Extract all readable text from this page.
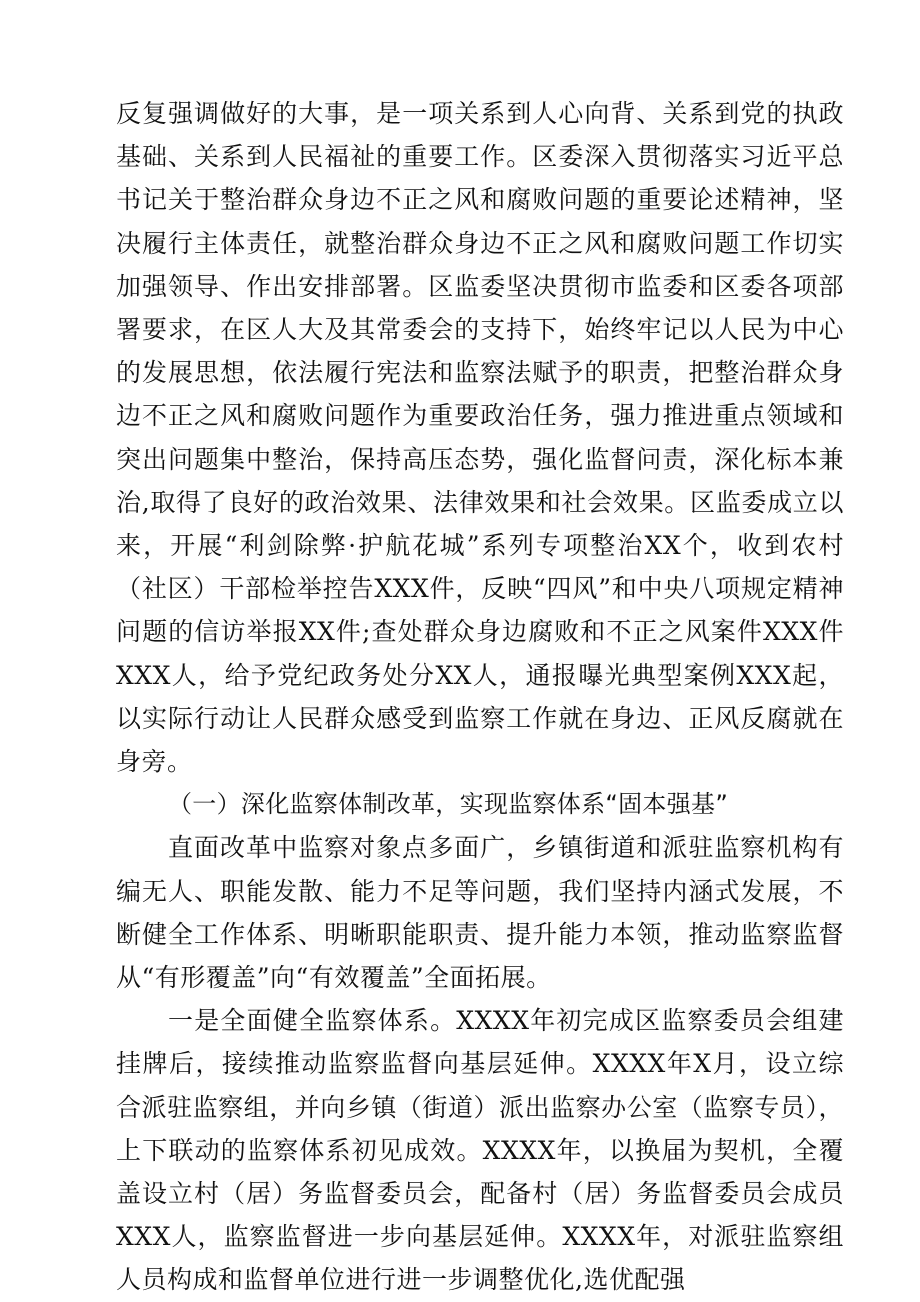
反复强调做好的大事，是一项关系到人心向背、关系到党的执政基础、关系到人民福祉的重要工作。区委深入贯彻落实习近平总书记关于整治群众身边不正之风和腐败问题的重要论述精神，坚决履行主体责任，就整治群众身边不正之风和腐败问题工作切实加强领导、作出安排部署。区监委坚决贯彻市监委和区委各项部署要求，在区人大及其常委会的支持下，始终牢记以人民为中心的发展思想，依法履行宪法和监察法赋予的职责，把整治群众身边不正之风和腐败问题作为重要政治任务，强力推进重点领域和突出问题集中整治，保持高压态势，强化监督问责，深化标本兼治,取得了良好的政治效果、法律效果和社会效果。区监委成立以来，开展“利剑除弊·护航花城”系列专项整治XX个，收到农村（社区）干部检举控告XXX件，反映“四风”和中央八项规定精神问题的信访举报XX件;查处群众身边腐败和不正之风案件XXX件XXX人，给予党纪政务处分XX人，通报曝光典型案例XXX起，以实际行动让人民群众感受到监察工作就在身边、正风反腐就在身旁。

（一）深化监察体制改革，实现监察体系“固本强基”

直面改革中监察对象点多面广，乡镇街道和派驻监察机构有编无人、职能发散、能力不足等问题，我们坚持内涵式发展，不断健全工作体系、明晰职能职责、提升能力本领，推动监察监督从“有形覆盖”向“有效覆盖”全面拓展。

一是全面健全监察体系。XXXX年初完成区监察委员会组建挂牌后，接续推动监察监督向基层延伸。XXXX年X月，设立综合派驻监察组，并向乡镇（街道）派出监察办公室（监察专员），上下联动的监察体系初见成效。XXXX年，以换届为契机，全覆盖设立村（居）务监督委员会，配备村（居）务监督委员会成员XXX人，监察监督进一步向基层延伸。XXXX年，对派驻监察组人员构成和监督单位进行进一步调整优化,选优配强
